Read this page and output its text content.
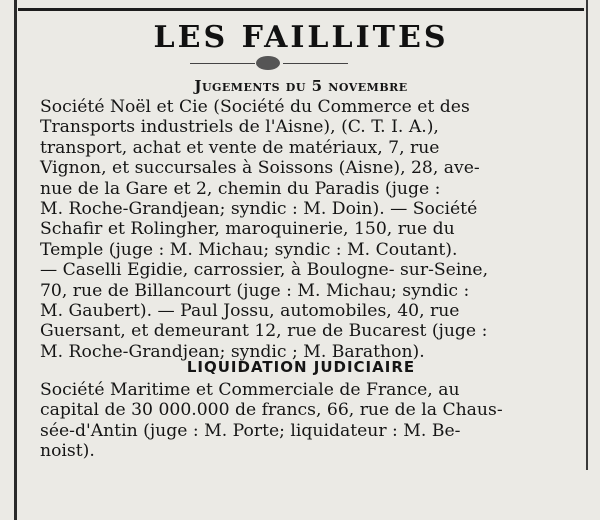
LES FAILLITES
Jugements du 5 novembre
Société Noël et Cie (Société du Commerce et des
Transports industriels de l'Aisne), (C. T. I. A.),
transport, achat et vente de matériaux, 7, rue
Vignon, et succursales à Soissons (Aisne), 28, ave-
nue de la Gare et 2, chemin du Paradis (juge :
M. Roche-Grandjean; syndic : M. Doin). — Société
Schafir et Rolingher, maroquinerie, 150, rue du
Temple (juge : M. Michau; syndic : M. Coutant).
— Caselli Egidie, carrossier, à Boulogne- sur-Seine,
70, rue de Billancourt (juge : M. Michau; syndic :
M. Gaubert). — Paul Jossu, automobiles, 40, rue
Guersant, et demeurant 12, rue de Bucarest (juge :
M. Roche-Grandjean; syndic ; M. Barathon).
LIQUIDATION JUDICIAIRE
Société Maritime et Commerciale de France, au
capital de 30 000.000 de francs, 66, rue de la Chaus-
sée-d'Antin (juge : M. Porte; liquidateur : M. Be-
noist).
